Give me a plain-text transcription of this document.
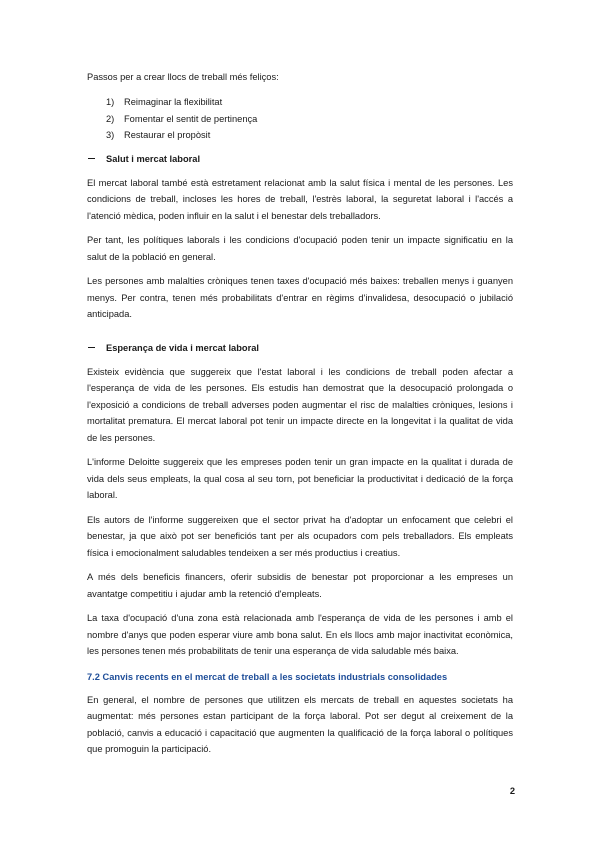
Passos per a crear llocs de treball més feliços:

1)	Reimaginar la flexibilitat
2)	Fomentar el sentit de pertinença
3)	Restaurar el propòsit
Salut i mercat laboral

El mercat laboral també està estretament relacionat amb la salut física i mental de les persones. Les condicions de treball, incloses les hores de treball, l'estrès laboral, la seguretat laboral i l'accés a l'atenció mèdica, poden influir en la salut i el benestar dels treballadors.

Per tant, les polítiques laborals i les condicions d'ocupació poden tenir un impacte significatiu en la salut de la població en general.

Les persones amb malalties cròniques tenen taxes d'ocupació més baixes: treballen menys i guanyen menys. Per contra, tenen més probabilitats d'entrar en règims d'invalidesa, desocupació o jubilació anticipada.

Esperança de vida i mercat laboral

Existeix evidència que suggereix que l'estat laboral i les condicions de treball poden afectar a l'esperança de vida de les persones. Els estudis han demostrat que la desocupació prolongada o l'exposició a condicions de treball adverses poden augmentar el risc de malalties cròniques, lesions i mortalitat prematura. El mercat laboral pot tenir un impacte directe en la longevitat i la qualitat de vida de les persones.

L'informe Deloitte suggereix que les empreses poden tenir un gran impacte en la qualitat i durada de vida dels seus empleats, la qual cosa al seu torn, pot beneficiar la productivitat i dedicació de la força laboral.

Els autors de l'informe suggereixen que el sector privat ha d'adoptar un enfocament que celebri el benestar, ja que això pot ser beneficiós tant per als ocupadors com pels treballadors. Els empleats física i emocionalment saludables tendeixen a ser més productius i creatius.

A més dels beneficis financers, oferir subsidis de benestar pot proporcionar a les empreses un avantatge competitiu i ajudar amb la retenció d'empleats.

La taxa d'ocupació d'una zona està relacionada amb l'esperança de vida de les persones i amb el nombre d'anys que poden esperar viure amb bona salut. En els llocs amb major inactivitat econòmica, les persones tenen més probabilitats de tenir una esperança de vida saludable més baixa.

7.2 Canvis recents en el mercat de treball a les societats industrials consolidades

En general, el nombre de persones que utilitzen els mercats de treball en aquestes societats ha augmentat: més persones estan participant de la força laboral. Pot ser degut al creixement de la població, canvis a educació i capacitació que augmenten la qualificació de la força laboral o polítiques que promoguin la participació.

2
